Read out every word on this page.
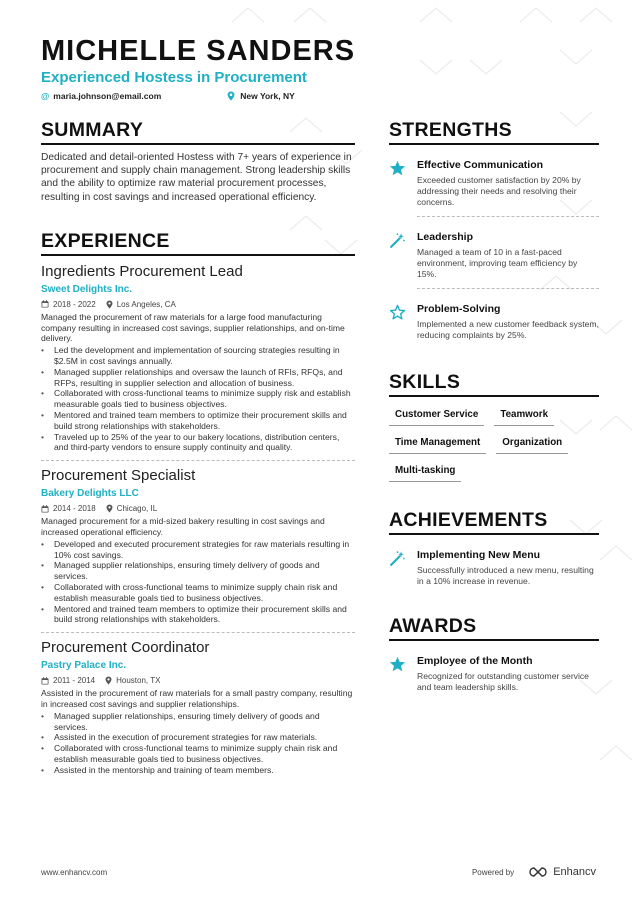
MICHELLE SANDERS
Experienced Hostess in Procurement
@ maria.johnson@email.com	New York, NY
SUMMARY
Dedicated and detail-oriented Hostess with 7+ years of experience in procurement and supply chain management. Strong leadership skills and the ability to optimize raw material procurement processes, resulting in cost savings and increased operational efficiency.
EXPERIENCE
Ingredients Procurement Lead
Sweet Delights Inc.
2018 - 2022	Los Angeles, CA
Managed the procurement of raw materials for a large food manufacturing company resulting in increased cost savings, supplier relationships, and on-time delivery.
• Led the development and implementation of sourcing strategies resulting in $2.5M in cost savings annually.
• Managed supplier relationships and oversaw the launch of RFIs, RFQs, and RFPs, resulting in supplier selection and allocation of business.
• Collaborated with cross-functional teams to minimize supply risk and establish measurable goals tied to business objectives.
• Mentored and trained team members to optimize their procurement skills and build strong relationships with stakeholders.
• Traveled up to 25% of the year to our bakery locations, distribution centers, and third-party vendors to ensure supply continuity and quality.
Procurement Specialist
Bakery Delights LLC
2014 - 2018	Chicago, IL
Managed procurement for a mid-sized bakery resulting in cost savings and increased operational efficiency.
• Developed and executed procurement strategies for raw materials resulting in 10% cost savings.
• Managed supplier relationships, ensuring timely delivery of goods and services.
• Collaborated with cross-functional teams to minimize supply chain risk and establish measurable goals tied to business objectives.
• Mentored and trained team members to optimize their procurement skills and build strong relationships with stakeholders.
Procurement Coordinator
Pastry Palace Inc.
2011 - 2014	Houston, TX
Assisted in the procurement of raw materials for a small pastry company, resulting in increased cost savings and supplier relationships.
• Managed supplier relationships, ensuring timely delivery of goods and services.
• Assisted in the execution of procurement strategies for raw materials.
• Collaborated with cross-functional teams to minimize supply chain risk and establish measurable goals tied to business objectives.
• Assisted in the mentorship and training of team members.
STRENGTHS
Effective Communication
Exceeded customer satisfaction by 20% by addressing their needs and resolving their concerns.
Leadership
Managed a team of 10 in a fast-paced environment, improving team efficiency by 15%.
Problem-Solving
Implemented a new customer feedback system, reducing complaints by 25%.
SKILLS
Customer Service	Teamwork
Time Management	Organization
Multi-tasking
ACHIEVEMENTS
Implementing New Menu
Successfully introduced a new menu, resulting in a 10% increase in revenue.
AWARDS
Employee of the Month
Recognized for outstanding customer service and team leadership skills.
www.enhancv.com	Powered by	Enhancv
